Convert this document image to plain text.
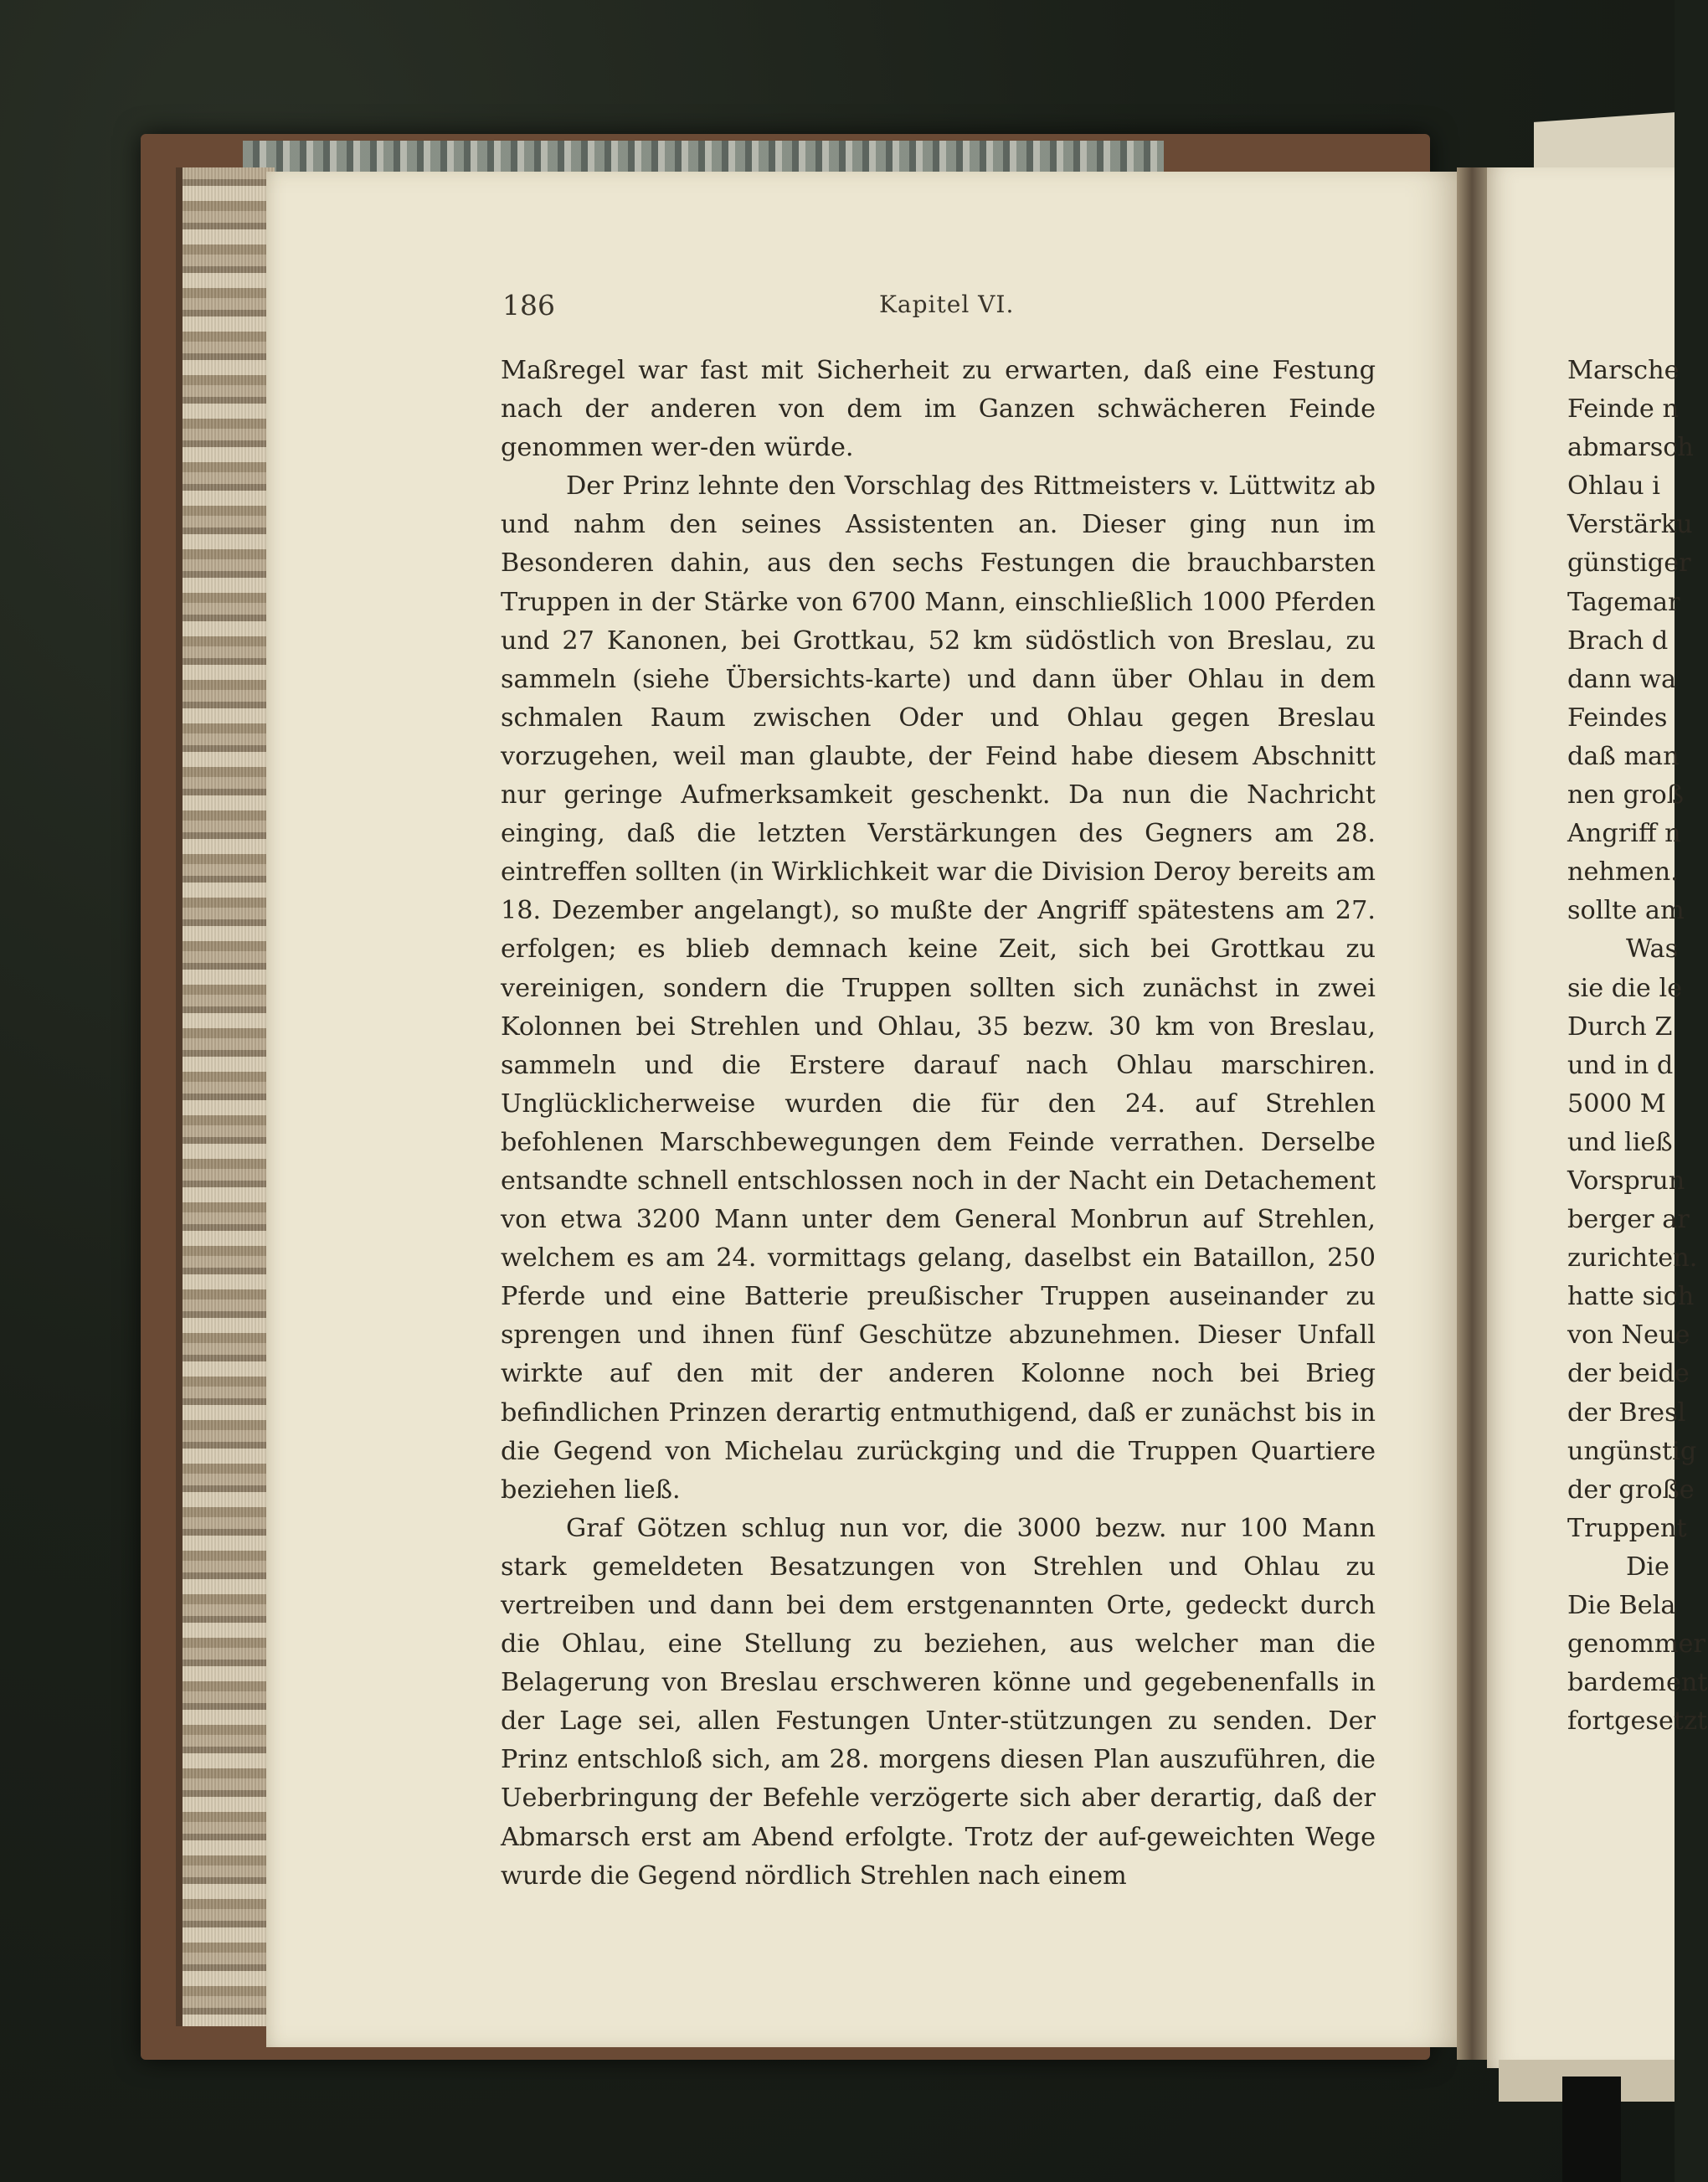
186	Kapitel VI.

Maßregel war fast mit Sicherheit zu erwarten, daß eine Festung nach der anderen von dem im Ganzen schwächeren Feinde genommen wer-den würde.

Der Prinz lehnte den Vorschlag des Rittmeisters v. Lüttwitz ab und nahm den seines Assistenten an. Dieser ging nun im Besonderen dahin, aus den sechs Festungen die brauchbarsten Truppen in der Stärke von 6700 Mann, einschließlich 1000 Pferden und 27 Kanonen, bei Grottkau, 52 km südöstlich von Breslau, zu sammeln (siehe Übersichts-karte) und dann über Ohlau in dem schmalen Raum zwischen Oder und Ohlau gegen Breslau vorzugehen, weil man glaubte, der Feind habe diesem Abschnitt nur geringe Aufmerksamkeit geschenkt. Da nun die Nachricht einging, daß die letzten Verstärkungen des Gegners am 28. eintreffen sollten (in Wirklichkeit war die Division Deroy bereits am 18. Dezember angelangt), so mußte der Angriff spätestens am 27. erfolgen; es blieb demnach keine Zeit, sich bei Grottkau zu vereinigen, sondern die Truppen sollten sich zunächst in zwei Kolonnen bei Strehlen und Ohlau, 35 bezw. 30 km von Breslau, sammeln und die Erstere darauf nach Ohlau marschiren. Unglücklicherweise wurden die für den 24. auf Strehlen befohlenen Marschbewegungen dem Feinde verrathen. Derselbe entsandte schnell entschlossen noch in der Nacht ein Detachement von etwa 3200 Mann unter dem General Monbrun auf Strehlen, welchem es am 24. vormittags gelang, daselbst ein Bataillon, 250 Pferde und eine Batterie preußischer Truppen auseinander zu sprengen und ihnen fünf Geschütze abzunehmen. Dieser Unfall wirkte auf den mit der anderen Kolonne noch bei Brieg befindlichen Prinzen derartig entmuthigend, daß er zunächst bis in die Gegend von Michelau zurückging und die Truppen Quartiere beziehen ließ.

Graf Götzen schlug nun vor, die 3000 bezw. nur 100 Mann stark gemeldeten Besatzungen von Strehlen und Ohlau zu vertreiben und dann bei dem erstgenannten Orte, gedeckt durch die Ohlau, eine Stellung zu beziehen, aus welcher man die Belagerung von Breslau erschweren könne und gegebenenfalls in der Lage sei, allen Festungen Unter-stützungen zu senden. Der Prinz entschloß sich, am 28. morgens diesen Plan auszuführen, die Ueberbringung der Befehle verzögerte sich aber derartig, daß der Abmarsch erst am Abend erfolgte. Trotz der auf-geweichten Wege wurde die Gegend nördlich Strehlen nach einem

Marsche
Feinde n
abmarsch
Ohlau i
Verstärku
günstiger
Tagemar
Brach d
dann wa
Feindes
daß man
nen groß
Angriff n
nehmen.
sollte am
Was
sie die le
Durch Z
und in d
5000 M
und ließ
Vorsprun
berger ar
zurichten.
hatte sich
von Neue
der beide
der Bresl
ungünstig
der große
Truppent
Die
Die Bela
genommer
bardement
fortgesetzt
